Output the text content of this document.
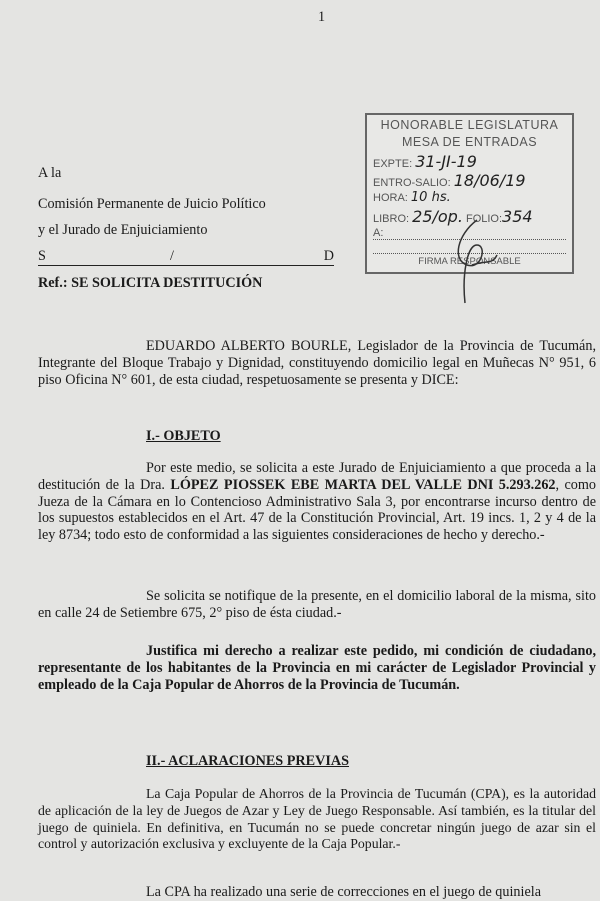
1
A la
Comisión Permanente de Juicio Político
y el Jurado de Enjuiciamiento
S	/	D
Ref.: SE SOLICITA DESTITUCIÓN
HONORABLE LEGISLATURA
MESA DE ENTRADAS
EXPTE: 31-JI-19
ENTRO-SALIO: 18/06/19
HORA: 10 hs.
LIBRO: 25/op. FOLIO:354
A:
FIRMA RESPONSABLE
EDUARDO ALBERTO BOURLE, Legislador de la Provincia de Tucumán, Integrante del Bloque Trabajo y Dignidad, constituyendo domicilio legal en Muñecas N° 951, 6 piso Oficina N° 601, de esta ciudad, respetuosamente se presenta y DICE:
I.- OBJETO
Por este medio, se solicita a este Jurado de Enjuiciamiento a que proceda a la destitución de la Dra. LÓPEZ PIOSSEK EBE MARTA DEL VALLE DNI 5.293.262, como Jueza de la Cámara en lo Contencioso Administrativo Sala 3, por encontrarse incurso dentro de los supuestos establecidos en el Art. 47 de la Constitución Provincial, Art. 19 incs. 1, 2 y 4 de la ley 8734; todo esto de conformidad a las siguientes consideraciones de hecho y derecho.-
Se solicita se notifique de la presente, en el domicilio laboral de la misma, sito en calle 24 de Setiembre 675, 2° piso de ésta ciudad.-
Justifica mi derecho a realizar este pedido, mi condición de ciudadano, representante de los habitantes de la Provincia en mi carácter de Legislador Provincial y empleado de la Caja Popular de Ahorros de la Provincia de Tucumán.
II.- ACLARACIONES PREVIAS
La Caja Popular de Ahorros de la Provincia de Tucumán (CPA), es la autoridad de aplicación de la ley de Juegos de Azar y Ley de Juego Responsable. Así también, es la titular del juego de quiniela. En definitiva, en Tucumán no se puede concretar ningún juego de azar sin el control y autorización exclusiva y excluyente de la Caja Popular.-
La CPA ha realizado una serie de correcciones en el juego de quiniela
